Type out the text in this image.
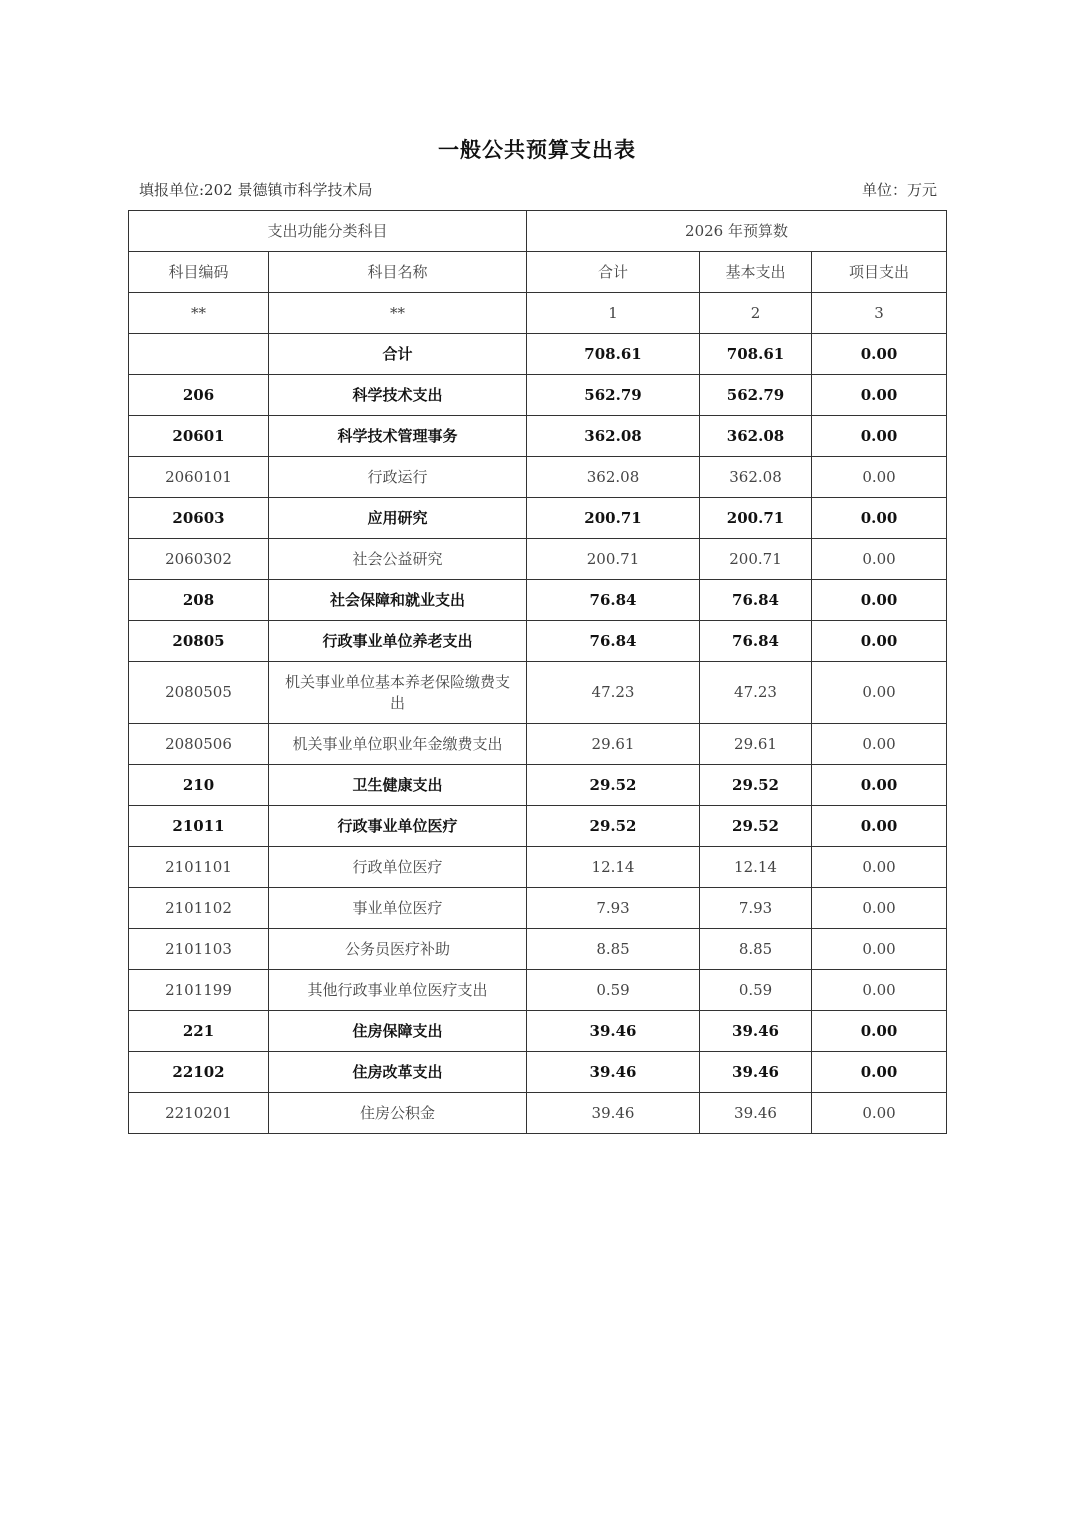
一般公共预算支出表
填报单位:202 景德镇市科学技术局	单位：万元
支出功能分类科目		2026 年预算数		
科目编码	科目名称	合计	基本支出	项目支出
**	**	1	2	3
	合计	708.61	708.61	0.00
206	科学技术支出	562.79	562.79	0.00
20601	科学技术管理事务	362.08	362.08	0.00
2060101	行政运行	362.08	362.08	0.00
20603	应用研究	200.71	200.71	0.00
2060302	社会公益研究	200.71	200.71	0.00
208	社会保障和就业支出	76.84	76.84	0.00
20805	行政事业单位养老支出	76.84	76.84	0.00
2080505	机关事业单位基本养老保险缴费支出	47.23	47.23	0.00
2080506	机关事业单位职业年金缴费支出	29.61	29.61	0.00
210	卫生健康支出	29.52	29.52	0.00
21011	行政事业单位医疗	29.52	29.52	0.00
2101101	行政单位医疗	12.14	12.14	0.00
2101102	事业单位医疗	7.93	7.93	0.00
2101103	公务员医疗补助	8.85	8.85	0.00
2101199	其他行政事业单位医疗支出	0.59	0.59	0.00
221	住房保障支出	39.46	39.46	0.00
22102	住房改革支出	39.46	39.46	0.00
2210201	住房公积金	39.46	39.46	0.00
